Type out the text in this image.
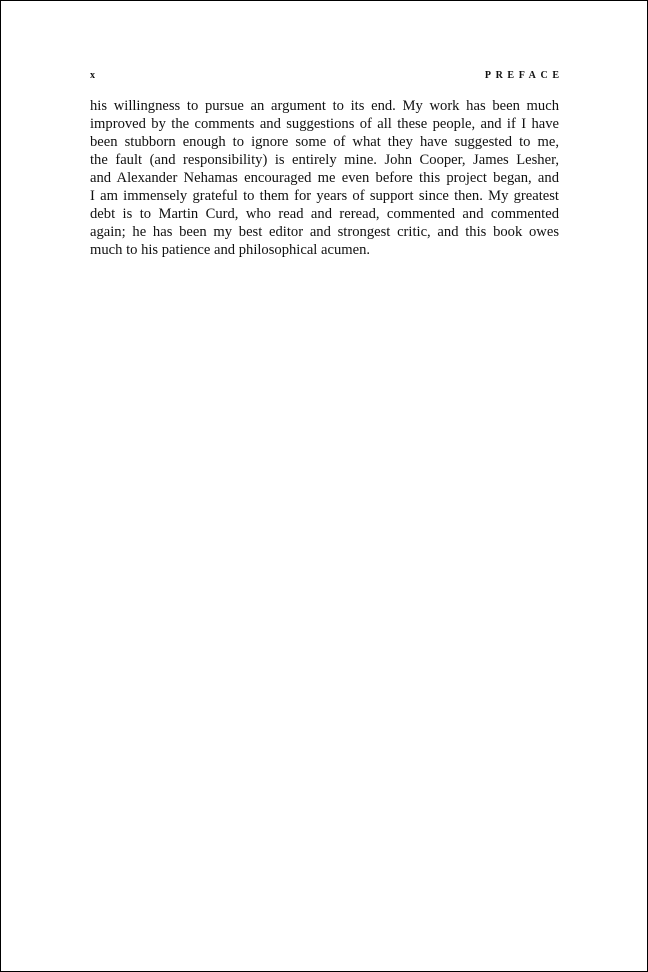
x	PREFACE
his willingness to pursue an argument to its end. My work has been much
improved by the comments and suggestions of all these people, and if I have
been stubborn enough to ignore some of what they have suggested to me,
the fault (and responsibility) is entirely mine. John Cooper, James Lesher,
and Alexander Nehamas encouraged me even before this project began, and
I am immensely grateful to them for years of support since then. My greatest
debt is to Martin Curd, who read and reread, commented and commented
again; he has been my best editor and strongest critic, and this book owes
much to his patience and philosophical acumen.
